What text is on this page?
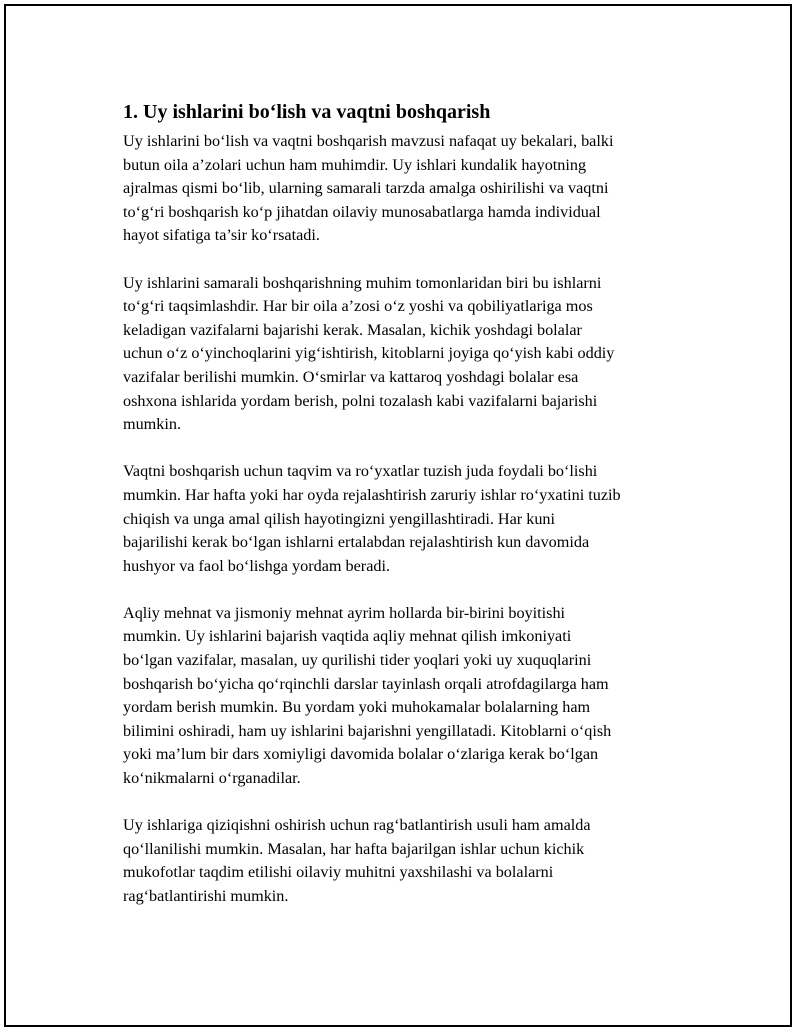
1. Uy ishlarini bo‘lish va vaqtni boshqarish

Uy ishlarini bo‘lish va vaqtni boshqarish mavzusi nafaqat uy bekalari, balki
butun oila a’zolari uchun ham muhimdir. Uy ishlari kundalik hayotning
ajralmas qismi bo‘lib, ularning samarali tarzda amalga oshirilishi va vaqtni
to‘g‘ri boshqarish ko‘p jihatdan oilaviy munosabatlarga hamda individual
hayot sifatiga ta’sir ko‘rsatadi.

Uy ishlarini samarali boshqarishning muhim tomonlaridan biri bu ishlarni
to‘g‘ri taqsimlashdir. Har bir oila a’zosi o‘z yoshi va qobiliyatlariga mos
keladigan vazifalarni bajarishi kerak. Masalan, kichik yoshdagi bolalar
uchun o‘z o‘yinchoqlarini yig‘ishtirish, kitoblarni joyiga qo‘yish kabi oddiy
vazifalar berilishi mumkin. O‘smirlar va kattaroq yoshdagi bolalar esa
oshxona ishlarida yordam berish, polni tozalash kabi vazifalarni bajarishi
mumkin.

Vaqtni boshqarish uchun taqvim va ro‘yxatlar tuzish juda foydali bo‘lishi
mumkin. Har hafta yoki har oyda rejalashtirish zaruriy ishlar ro‘yxatini tuzib
chiqish va unga amal qilish hayotingizni yengillashtiradi. Har kuni
bajarilishi kerak bo‘lgan ishlarni ertalabdan rejalashtirish kun davomida
hushyor va faol bo‘lishga yordam beradi.

Aqliy mehnat va jismoniy mehnat ayrim hollarda bir-birini boyitishi
mumkin. Uy ishlarini bajarish vaqtida aqliy mehnat qilish imkoniyati
bo‘lgan vazifalar, masalan, uy qurilishi tider yoqlari yoki uy xuquqlarini
boshqarish bo‘yicha qo‘rqinchli darslar tayinlash orqali atrofdagilarga ham
yordam berish mumkin. Bu yordam yoki muhokamalar bolalarning ham
bilimini oshiradi, ham uy ishlarini bajarishni yengillatadi. Kitoblarni o‘qish
yoki ma’lum bir dars xomiyligi davomida bolalar o‘zlariga kerak bo‘lgan
ko‘nikmalarni o‘rganadilar.

Uy ishlariga qiziqishni oshirish uchun rag‘batlantirish usuli ham amalda
qo‘llanilishi mumkin. Masalan, har hafta bajarilgan ishlar uchun kichik
mukofotlar taqdim etilishi oilaviy muhitni yaxshilashi va bolalarni
rag‘batlantirishi mumkin.
